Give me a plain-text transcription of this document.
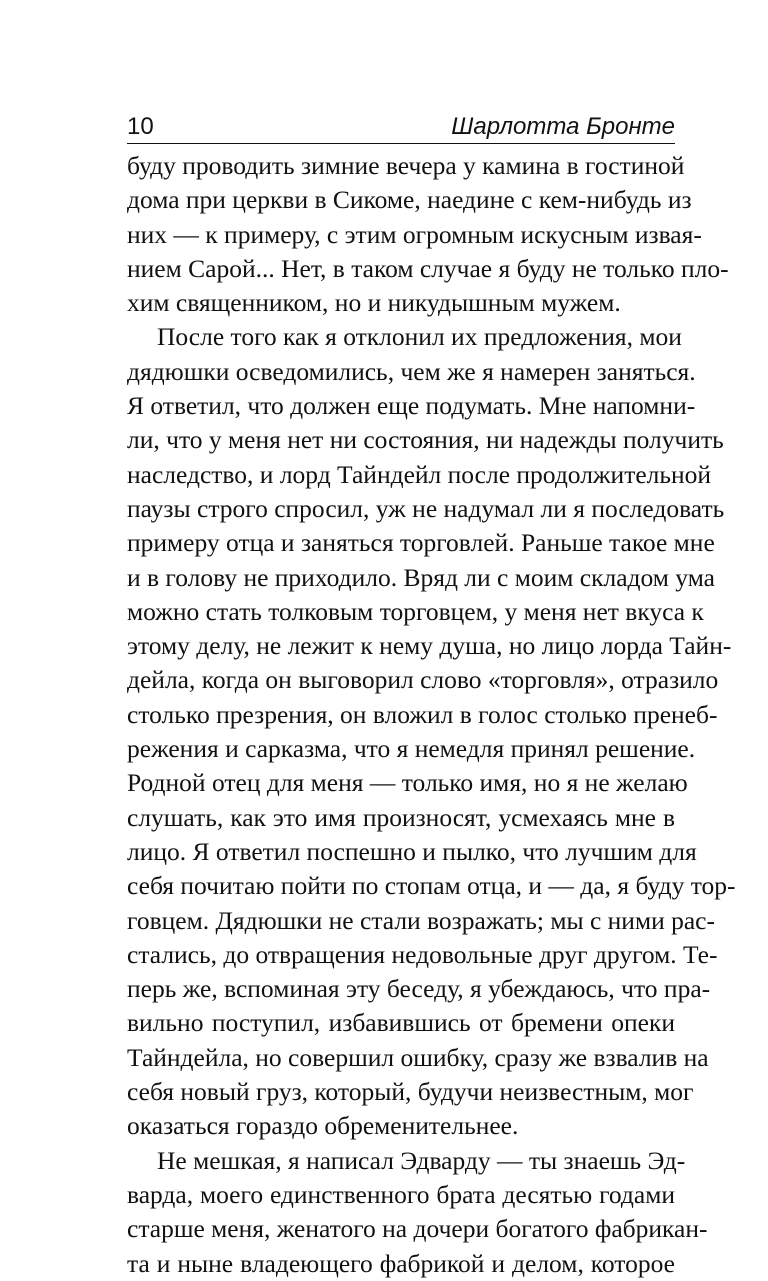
10	Шарлотта Бронте
буду проводить зимние вечера у камина в гостиной
дома при церкви в Сикоме, наедине с кем-нибудь из
них — к примеру, с этим огромным искусным извая-
нием Сарой... Нет, в таком случае я буду не только пло-
хим священником, но и никудышным мужем.
После того как я отклонил их предложения, мои
дядюшки осведомились, чем же я намерен заняться.
Я ответил, что должен еще подумать. Мне напомни-
ли, что у меня нет ни состояния, ни надежды получить
наследство, и лорд Тайндейл после продолжительной
паузы строго спросил, уж не надумал ли я последовать
примеру отца и заняться торговлей. Раньше такое мне
и в голову не приходило. Вряд ли с моим складом ума
можно стать толковым торговцем, у меня нет вкуса к
этому делу, не лежит к нему душа, но лицо лорда Тайн-
дейла, когда он выговорил слово «торговля», отразило
столько презрения, он вложил в голос столько пренеб-
режения и сарказма, что я немедля принял решение.
Родной отец для меня — только имя, но я не желаю
слушать, как это имя произносят, усмехаясь мне в
лицо. Я ответил поспешно и пылко, что лучшим для
себя почитаю пойти по стопам отца, и — да, я буду тор-
говцем. Дядюшки не стали возражать; мы с ними рас-
стались, до отвращения недовольные друг другом. Те-
перь же, вспоминая эту беседу, я убеждаюсь, что пра-
вильно поступил, избавившись от бремени опеки
Тайндейла, но совершил ошибку, сразу же взвалив на
себя новый груз, который, будучи неизвестным, мог
оказаться гораздо обременительнее.
Не мешкая, я написал Эдварду — ты знаешь Эд-
варда, моего единственного брата десятью годами
старше меня, женатого на дочери богатого фабрикан-
та и ныне владеющего фабрикой и делом, которое
